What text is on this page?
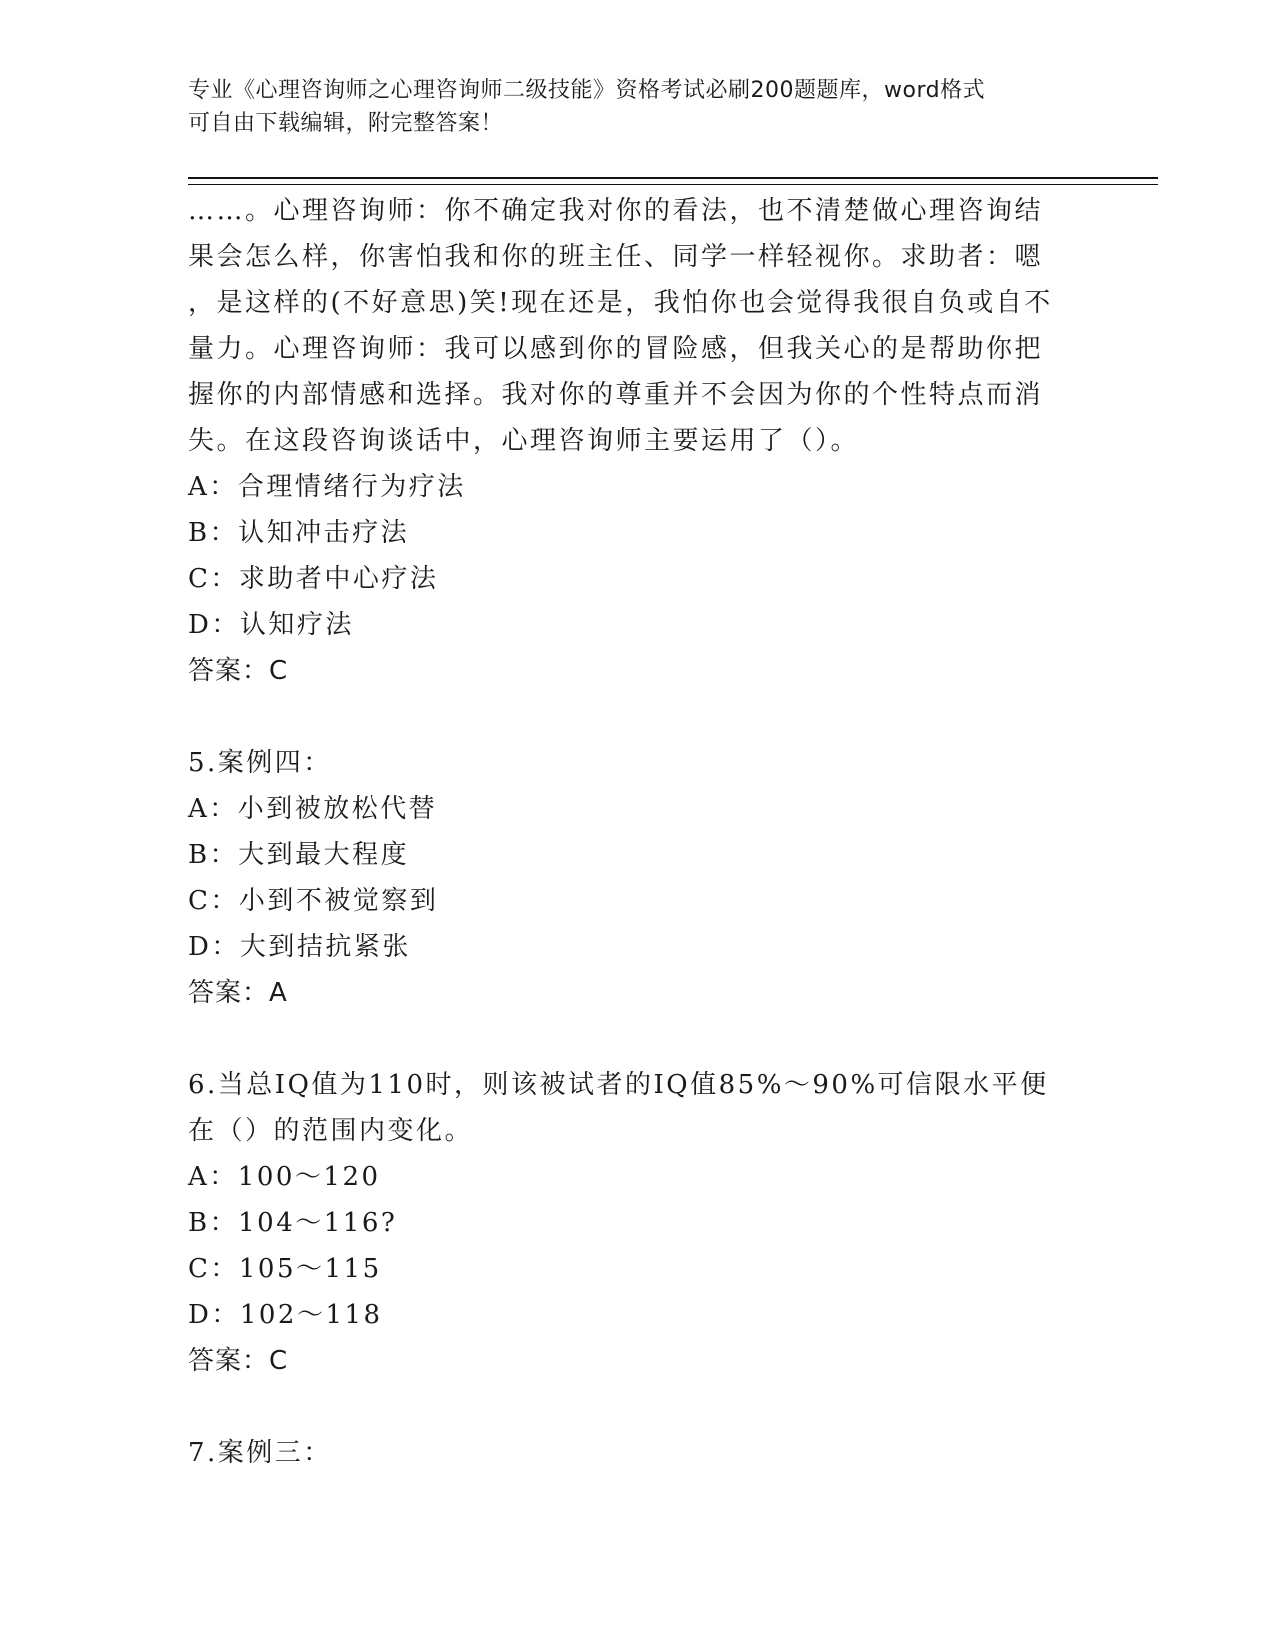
专业《心理咨询师之心理咨询师二级技能》资格考试必刷200题题库，word格式
可自由下载编辑，附完整答案！
……。心理咨询师：你不确定我对你的看法，也不清楚做心理咨询结
果会怎么样，你害怕我和你的班主任、同学一样轻视你。求助者：嗯
，是这样的(不好意思)笑!现在还是，我怕你也会觉得我很自负或自不
量力。心理咨询师：我可以感到你的冒险感，但我关心的是帮助你把
握你的内部情感和选择。我对你的尊重并不会因为你的个性特点而消
失。在这段咨询谈话中，心理咨询师主要运用了（）。
A：合理情绪行为疗法
B：认知冲击疗法
C：求助者中心疗法
D：认知疗法
答案：C
5.案例四：
A：小到被放松代替
B：大到最大程度
C：小到不被觉察到
D：大到拮抗紧张
答案：A
6.当总IQ值为110时，则该被试者的IQ值85%～90%可信限水平便
在（）的范围内变化。
A：100～120
B：104～116?
C：105～115
D：102～118
答案：C
7.案例三：
